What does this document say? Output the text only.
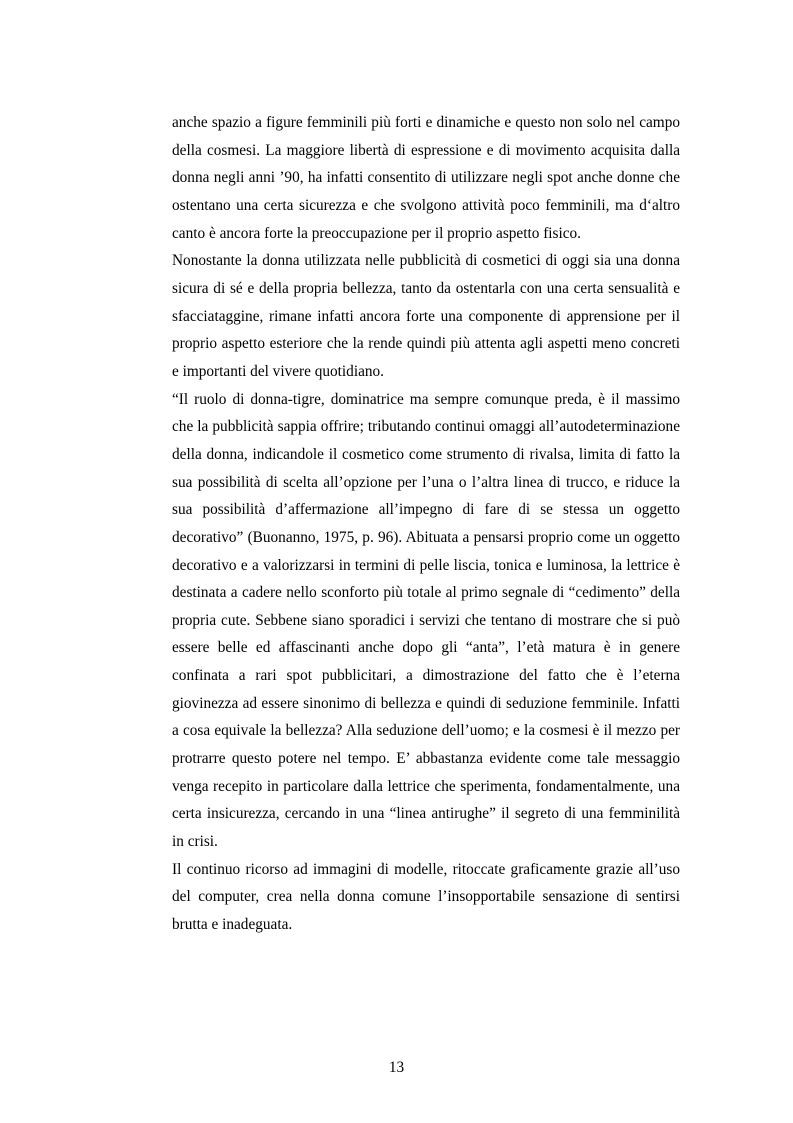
anche spazio a figure femminili più forti e dinamiche e questo non solo nel campo della cosmesi. La maggiore libertà di espressione e di movimento acquisita dalla donna negli anni ’90, ha infatti consentito di utilizzare negli spot anche donne che ostentano una certa sicurezza e che svolgono attività poco femminili, ma d‘altro canto è ancora forte la preoccupazione per il proprio aspetto fisico.

Nonostante la donna utilizzata nelle pubblicità di cosmetici di oggi sia una donna sicura di sé e della propria bellezza, tanto da ostentarla con una certa sensualità e sfacciataggine, rimane infatti ancora forte una componente di apprensione per il proprio aspetto esteriore che la rende quindi più attenta agli aspetti meno concreti e importanti del vivere quotidiano.

“Il ruolo di donna-tigre, dominatrice ma sempre comunque preda, è il massimo che la pubblicità sappia offrire; tributando continui omaggi all’autodeterminazione della donna, indicandole il cosmetico come strumento di rivalsa, limita di fatto la sua possibilità di scelta all’opzione per l’una o l’altra linea di trucco, e riduce la sua possibilità d’affermazione all’impegno di fare di se stessa un oggetto decorativo” (Buonanno, 1975, p. 96). Abituata a pensarsi proprio come un oggetto decorativo e a valorizzarsi in termini di pelle liscia, tonica e luminosa, la lettrice è destinata a cadere nello sconforto più totale al primo segnale di “cedimento” della propria cute. Sebbene siano sporadici i servizi che tentano di mostrare che si può essere belle ed affascinanti anche dopo gli “anta”, l’età matura è in genere confinata a rari spot pubblicitari, a dimostrazione del fatto che è l’eterna giovinezza ad essere sinonimo di bellezza e quindi di seduzione femminile. Infatti a cosa equivale la bellezza? Alla seduzione dell’uomo; e la cosmesi è il mezzo per protrarre questo potere nel tempo. E’ abbastanza evidente come tale messaggio venga recepito in particolare dalla lettrice che sperimenta, fondamentalmente, una certa insicurezza, cercando in una “linea antirughe” il segreto di una femminilità in crisi.

Il continuo ricorso ad immagini di modelle, ritoccate graficamente grazie all’uso del computer, crea nella donna comune l’insopportabile sensazione di sentirsi brutta e inadeguata.

13
